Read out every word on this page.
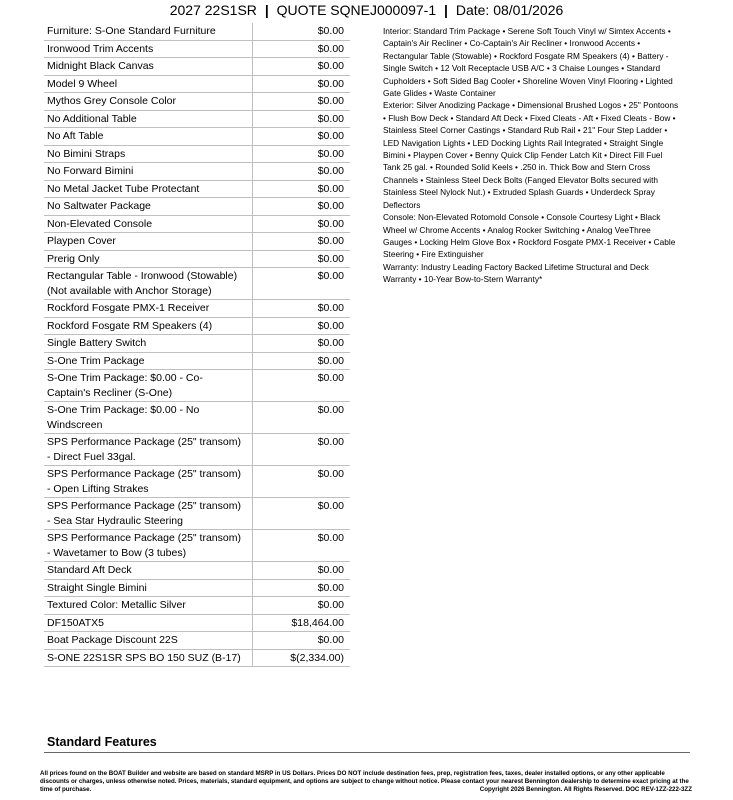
2027 22S1SR | QUOTE SQNEJ000097-1 | Date: 08/01/2026
Furniture: S-One Standard Furniture	$0.00
Ironwood Trim Accents	$0.00
Midnight Black Canvas	$0.00
Model 9 Wheel	$0.00
Mythos Grey Console Color	$0.00
No Additional Table	$0.00
No Aft Table	$0.00
No Bimini Straps	$0.00
No Forward Bimini	$0.00
No Metal Jacket Tube Protectant	$0.00
No Saltwater Package	$0.00
Non-Elevated Console	$0.00
Playpen Cover	$0.00
Prerig Only	$0.00
Rectangular Table - Ironwood (Stowable) (Not available with Anchor Storage)	$0.00
Rockford Fosgate PMX-1 Receiver	$0.00
Rockford Fosgate RM Speakers (4)	$0.00
Single Battery Switch	$0.00
S-One Trim Package	$0.00
S-One Trim Package: $0.00 - Co-Captain's Recliner (S-One)	$0.00
S-One Trim Package: $0.00 - No Windscreen	$0.00
SPS Performance Package (25" transom) - Direct Fuel 33gal.	$0.00
SPS Performance Package (25" transom) - Open Lifting Strakes	$0.00
SPS Performance Package (25" transom) - Sea Star Hydraulic Steering	$0.00
SPS Performance Package (25" transom) - Wavetamer to Bow (3 tubes)	$0.00
Standard Aft Deck	$0.00
Straight Single Bimini	$0.00
Textured Color: Metallic Silver	$0.00
DF150ATX5	$18,464.00
Boat Package Discount 22S	$0.00
S-ONE 22S1SR SPS BO 150 SUZ (B-17)	$(2,334.00)

Interior: Standard Trim Package • Serene Soft Touch Vinyl w/ Simtex Accents • Captain's Air Recliner • Co-Captain's Air Recliner • Ironwood Accents • Rectangular Table (Stowable) • Rockford Fosgate RM Speakers (4) • Battery - Single Switch • 12 Volt Receptacle USB A/C • 3 Chaise Lounges • Standard Cupholders • Soft Sided Bag Cooler • Shoreline Woven Vinyl Flooring • Lighted Gate Glides • Waste Container

Exterior: Silver Anodizing Package • Dimensional Brushed Logos • 25" Pontoons • Flush Bow Deck • Standard Aft Deck • Fixed Cleats - Aft • Fixed Cleats - Bow • Stainless Steel Corner Castings • Standard Rub Rail • 21" Four Step Ladder • LED Navigation Lights • LED Docking Lights Rail Integrated • Straight Single Bimini • Playpen Cover • Benny Quick Clip Fender Latch Kit • Direct Fill Fuel Tank 25 gal. • Rounded Solid Keels • .250 in. Thick Bow and Stern Cross Channels • Stainless Steel Deck Bolts (Fanged Elevator Bolts secured with Stainless Steel Nylock Nut.) • Extruded Splash Guards • Underdeck Spray Deflectors

Console: Non-Elevated Rotomold Console • Console Courtesy Light • Black Wheel w/ Chrome Accents • Analog Rocker Switching • Analog VeeThree Gauges • Locking Helm Glove Box • Rockford Fosgate PMX-1 Receiver • Cable Steering • Fire Extinguisher

Warranty: Industry Leading Factory Backed Lifetime Structural and Deck Warranty • 10-Year Bow-to-Stern Warranty*

Standard Features
All prices found on the BOAT Builder and website are based on standard MSRP in US Dollars. Prices DO NOT include destination fees, prep, registration fees, taxes, dealer installed options, or any other applicable discounts or charges, unless otherwise noted. Prices, materials, standard equipment, and options are subject to change without notice. Please contact your nearest Bennington dealership to determine exact pricing at the time of purchase.	Copyright 2026 Bennington. All Rights Reserved. DOC REV-1ZZ-222-3ZZ
